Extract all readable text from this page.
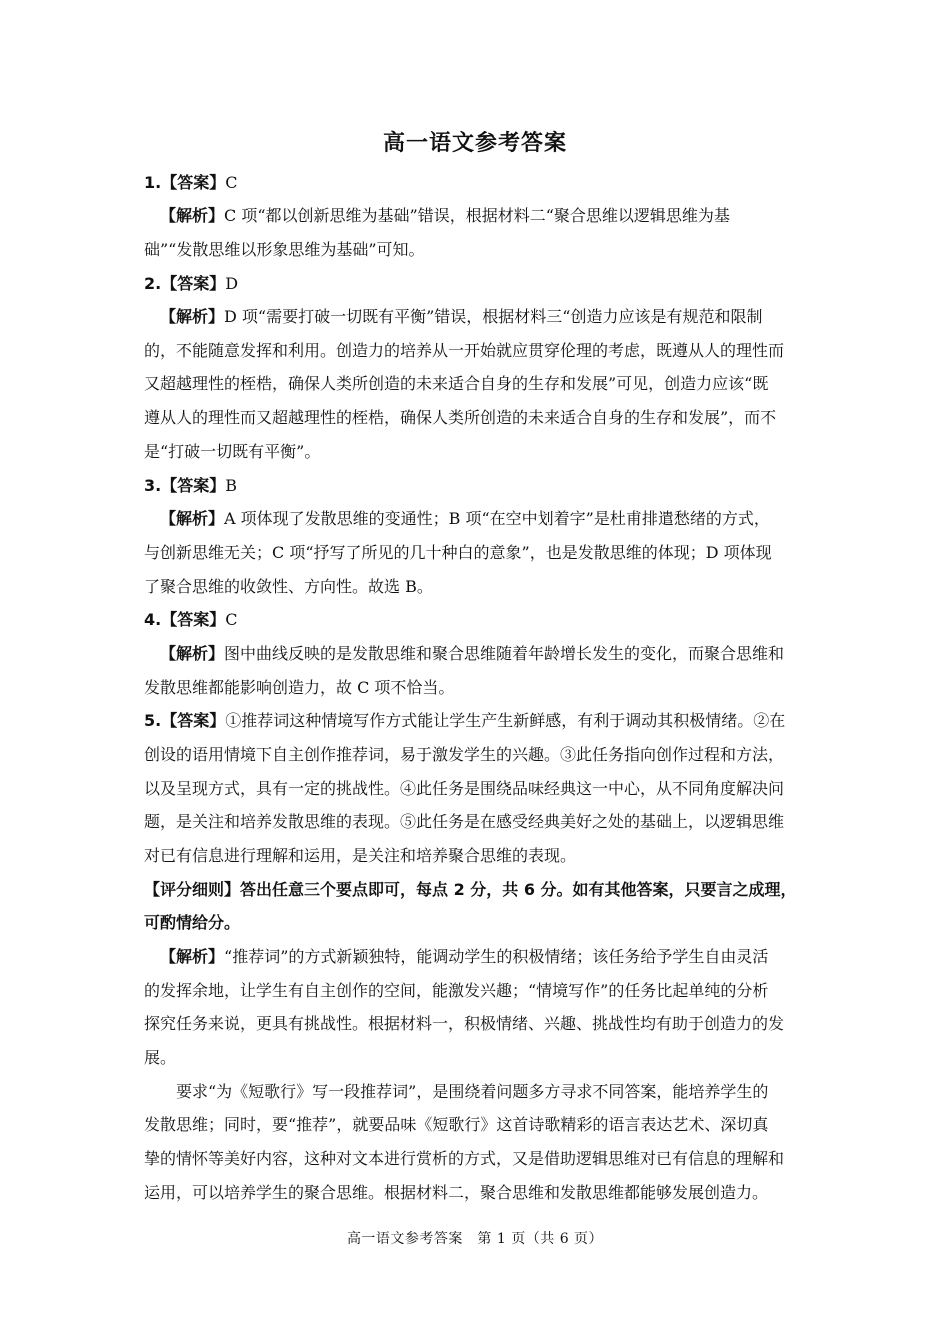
高一语文参考答案
1.【答案】C
【解析】C 项“都以创新思维为基础”错误，根据材料二“聚合思维以逻辑思维为基
础”“发散思维以形象思维为基础”可知。
2.【答案】D
【解析】D 项“需要打破一切既有平衡”错误，根据材料三“创造力应该是有规范和限制
的，不能随意发挥和利用。创造力的培养从一开始就应贯穿伦理的考虑，既遵从人的理性而
又超越理性的桎梏，确保人类所创造的未来适合自身的生存和发展”可见，创造力应该“既
遵从人的理性而又超越理性的桎梏，确保人类所创造的未来适合自身的生存和发展”，而不
是“打破一切既有平衡”。
3.【答案】B
【解析】A 项体现了发散思维的变通性；B 项“在空中划着字”是杜甫排遣愁绪的方式，
与创新思维无关；C 项“抒写了所见的几十种白的意象”，也是发散思维的体现；D 项体现
了聚合思维的收敛性、方向性。故选 B。
4.【答案】C
【解析】图中曲线反映的是发散思维和聚合思维随着年龄增长发生的变化，而聚合思维和
发散思维都能影响创造力，故 C 项不恰当。
5.【答案】①推荐词这种情境写作方式能让学生产生新鲜感，有利于调动其积极情绪。②在
创设的语用情境下自主创作推荐词，易于激发学生的兴趣。③此任务指向创作过程和方法，
以及呈现方式，具有一定的挑战性。④此任务是围绕品味经典这一中心，从不同角度解决问
题，是关注和培养发散思维的表现。⑤此任务是在感受经典美好之处的基础上，以逻辑思维
对已有信息进行理解和运用，是关注和培养聚合思维的表现。
【评分细则】答出任意三个要点即可，每点 2 分，共 6 分。如有其他答案，只要言之成理，
可酌情给分。
【解析】“推荐词”的方式新颖独特，能调动学生的积极情绪；该任务给予学生自由灵活
的发挥余地，让学生有自主创作的空间，能激发兴趣；“情境写作”的任务比起单纯的分析
探究任务来说，更具有挑战性。根据材料一，积极情绪、兴趣、挑战性均有助于创造力的发
展。
要求“为《短歌行》写一段推荐词”，是围绕着问题多方寻求不同答案，能培养学生的
发散思维；同时，要“推荐”，就要品味《短歌行》这首诗歌精彩的语言表达艺术、深切真
挚的情怀等美好内容，这种对文本进行赏析的方式，又是借助逻辑思维对已有信息的理解和
运用，可以培养学生的聚合思维。根据材料二，聚合思维和发散思维都能够发展创造力。
高一语文参考答案　第 1 页（共 6 页）
